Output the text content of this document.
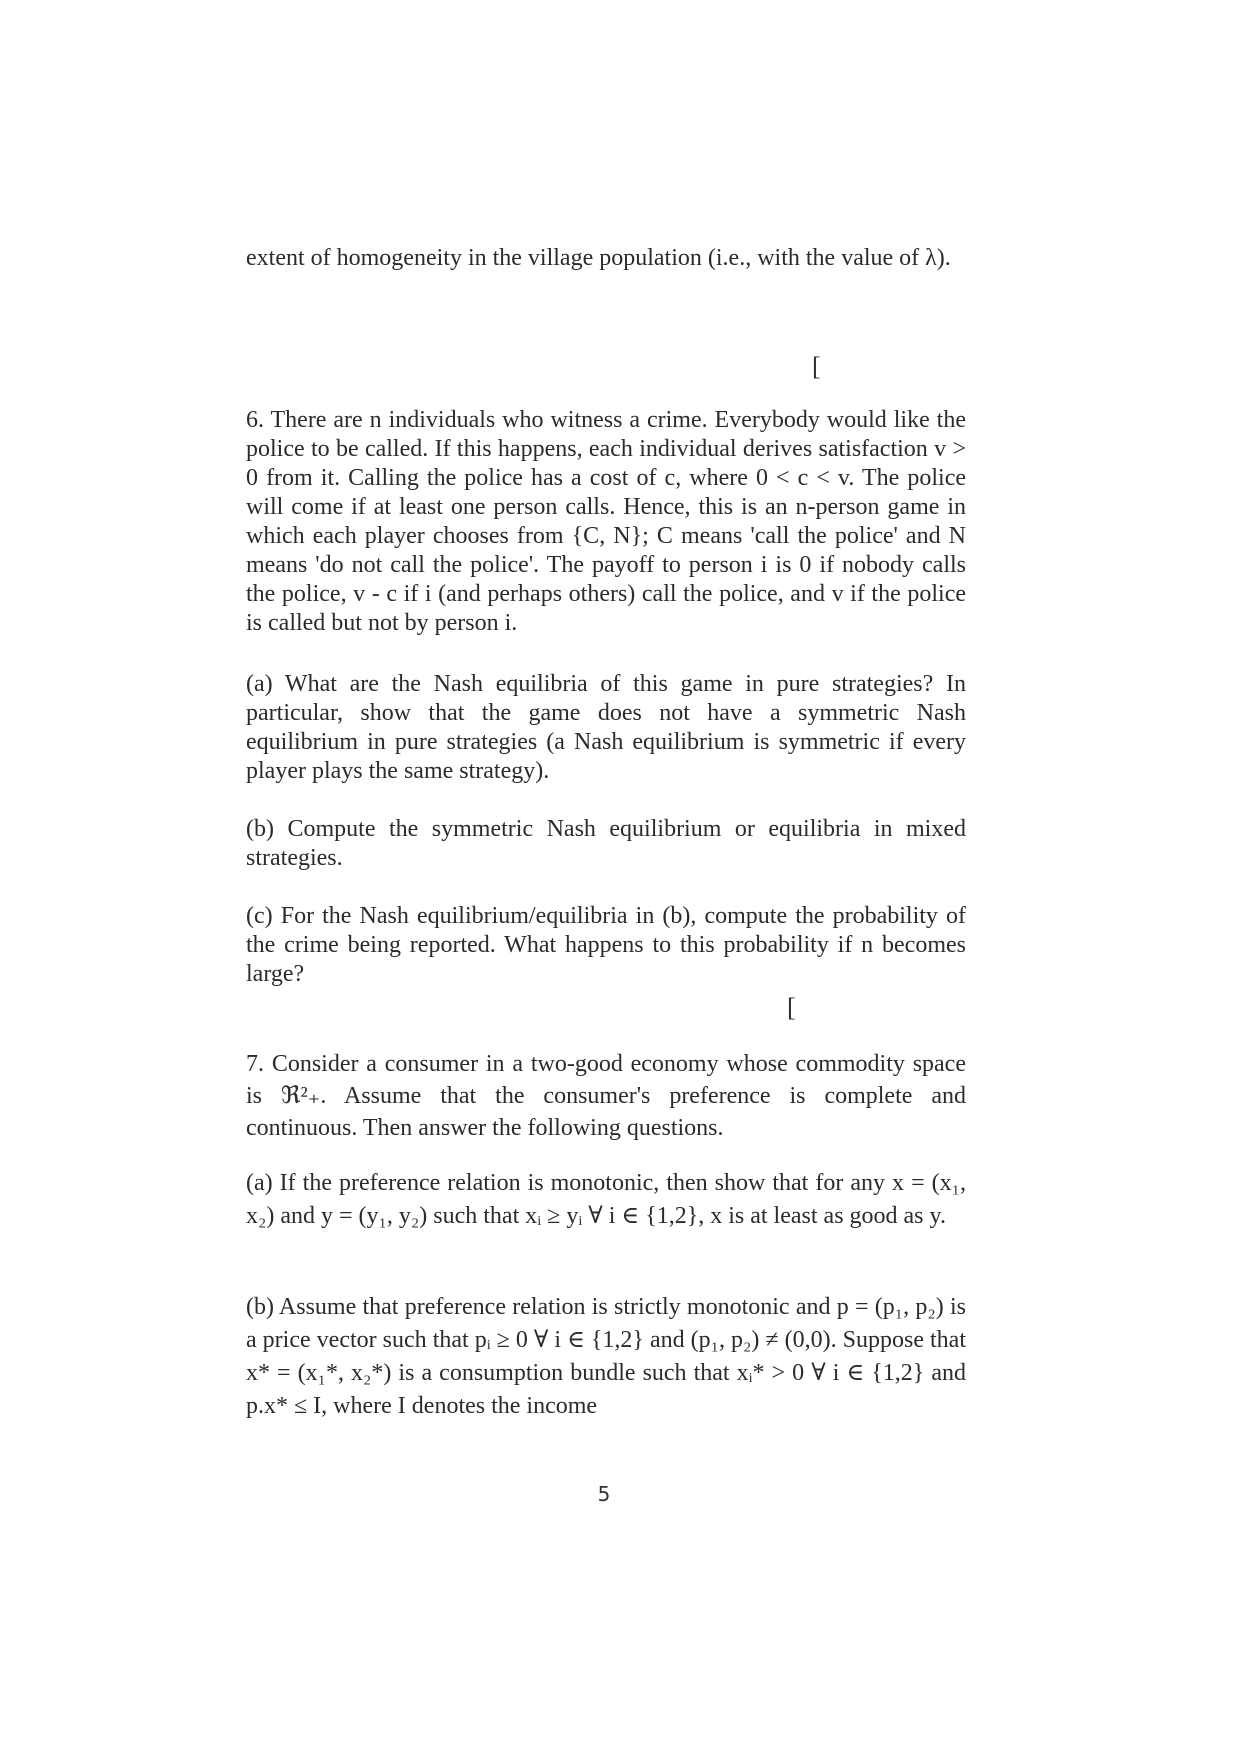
extent of homogeneity in the village population (i.e., with the value of λ).

[

6. There are n individuals who witness a crime. Everybody would like the police to be called. If this happens, each individual derives satisfaction v > 0 from it. Calling the police has a cost of c, where 0 < c < v. The police will come if at least one person calls. Hence, this is an n-person game in which each player chooses from {C, N}; C means 'call the police' and N means 'do not call the police'. The payoff to person i is 0 if nobody calls the police, v - c if i (and perhaps others) call the police, and v if the police is called but not by person i.

(a) What are the Nash equilibria of this game in pure strategies? In particular, show that the game does not have a symmetric Nash equilibrium in pure strategies (a Nash equilibrium is symmetric if every player plays the same strategy).

(b) Compute the symmetric Nash equilibrium or equilibria in mixed strategies.

(c) For the Nash equilibrium/equilibria in (b), compute the probability of the crime being reported. What happens to this probability if n becomes large?

[

7. Consider a consumer in a two-good economy whose commodity space is ℜ²₊. Assume that the consumer's preference is complete and continuous. Then answer the following questions.

(a) If the preference relation is monotonic, then show that for any x = (x₁, x₂) and y = (y₁, y₂) such that xᵢ ≥ yᵢ ∀ i ∈ {1,2}, x is at least as good as y.

(b) Assume that preference relation is strictly monotonic and p = (p₁, p₂) is a price vector such that pᵢ ≥ 0 ∀ i ∈ {1,2} and (p₁, p₂) ≠ (0,0). Suppose that x* = (x₁*, x₂*) is a consumption bundle such that xᵢ* > 0 ∀ i ∈ {1,2} and p.x* ≤ I, where I denotes the income

5
